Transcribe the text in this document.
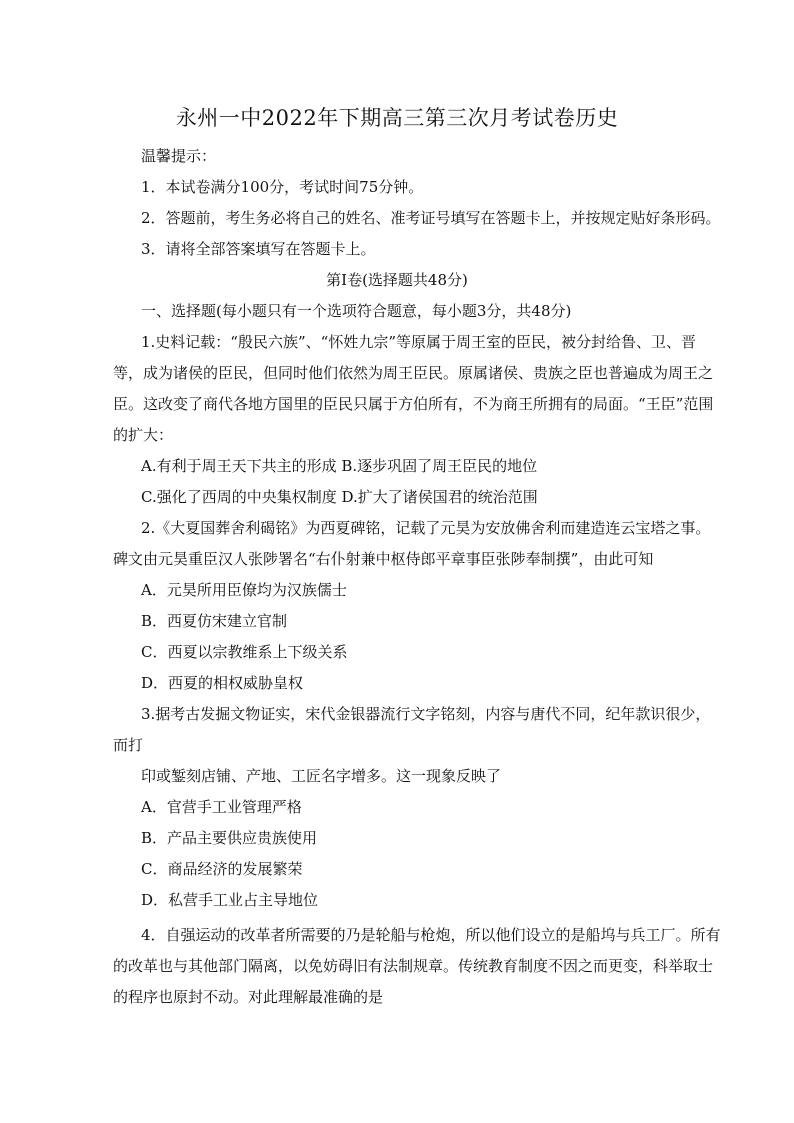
永州一中2022年下期高三第三次月考试卷历史
温馨提示：
1．本试卷满分100分，考试时间75分钟。
2．答题前，考生务必将自己的姓名、准考证号填写在答题卡上，并按规定贴好条形码。
3．请将全部答案填写在答题卡上。
第Ⅰ卷(选择题共48分)
一、选择题(每小题只有一个选项符合题意，每小题3分，共48分)
1.史料记载：“殷民六族”、“怀姓九宗”等原属于周王室的臣民，被分封给鲁、卫、晋
等，成为诸侯的臣民，但同时他们依然为周王臣民。原属诸侯、贵族之臣也普遍成为周王之
臣。这改变了商代各地方国里的臣民只属于方伯所有，不为商王所拥有的局面。“王臣”范围
的扩大：
A.有利于周王天下共主的形成 B.逐步巩固了周王臣民的地位
C.强化了西周的中央集权制度 D.扩大了诸侯国君的统治范围
2.《大夏国葬舍利碣铭》为西夏碑铭，记载了元昊为安放佛舍利而建造连云宝塔之事。
碑文由元昊重臣汉人张陟署名“右仆射兼中枢侍郎平章事臣张陟奉制撰”，由此可知
A．元昊所用臣僚均为汉族儒士
B．西夏仿宋建立官制
C．西夏以宗教维系上下级关系
D．西夏的相权威胁皇权
3.据考古发掘文物证实，宋代金银器流行文字铭刻，内容与唐代不同，纪年款识很少，
而打
印或錾刻店铺、产地、工匠名字增多。这一现象反映了
A．官营手工业管理严格
B．产品主要供应贵族使用
C．商品经济的发展繁荣
D．私营手工业占主导地位
4．自强运动的改革者所需要的乃是轮船与枪炮，所以他们设立的是船坞与兵工厂。所有
的改革也与其他部门隔离，以免妨碍旧有法制规章。传统教育制度不因之而更变，科举取士
的程序也原封不动。对此理解最准确的是
